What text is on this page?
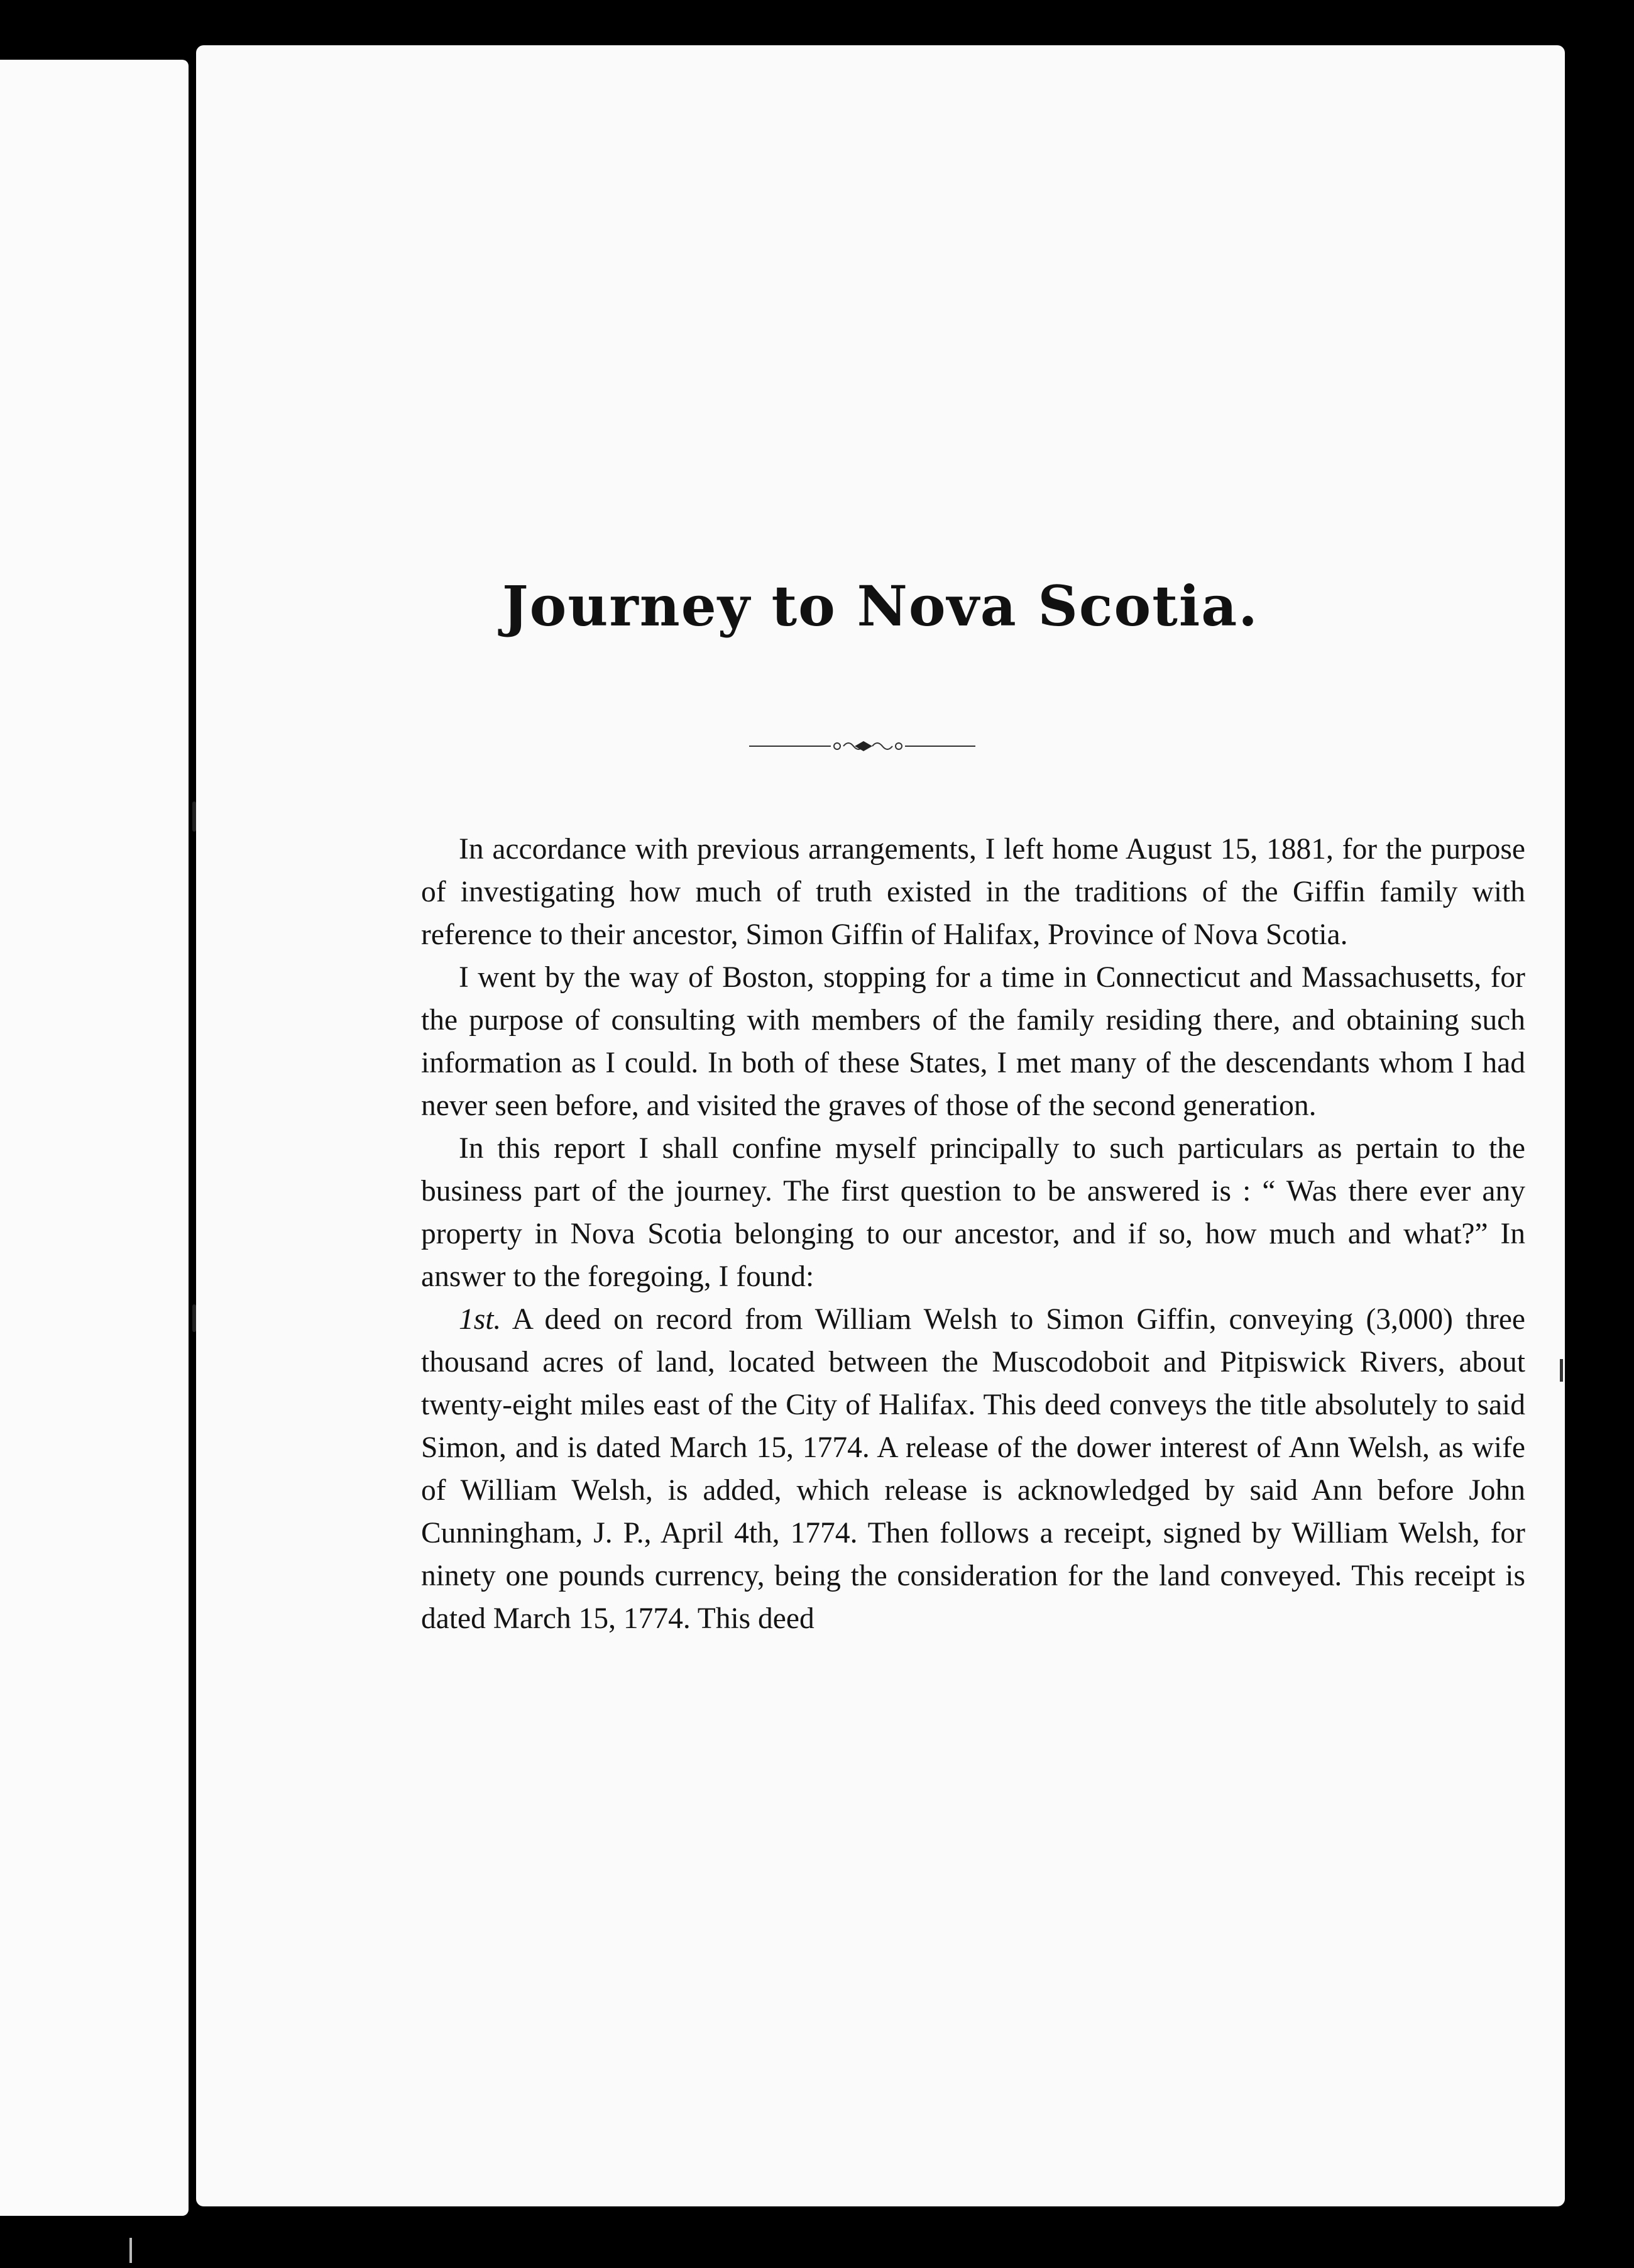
Journey to Nova Scotia.

In accordance with previous arrangements, I left home August 15, 1881, for the purpose of investigating how much of truth existed in the traditions of the Giffin family with reference to their ancestor, Simon Giffin of Halifax, Province of Nova Scotia.

I went by the way of Boston, stopping for a time in Connecticut and Massachusetts, for the purpose of consulting with members of the family residing there, and obtaining such information as I could. In both of these States, I met many of the descendants whom I had never seen before, and visited the graves of those of the second generation.

In this report I shall confine myself principally to such particulars as pertain to the business part of the journey. The first question to be answered is : “ Was there ever any property in Nova Scotia belonging to our ancestor, and if so, how much and what?” In answer to the foregoing, I found:

1st. A deed on record from William Welsh to Simon Giffin, conveying (3,000) three thousand acres of land, located between the Muscodoboit and Pitpiswick Rivers, about twenty-eight miles east of the City of Halifax. This deed conveys the title absolutely to said Simon, and is dated March 15, 1774. A release of the dower interest of Ann Welsh, as wife of William Welsh, is added, which release is acknowledged by said Ann before John Cunningham, J. P., April 4th, 1774. Then follows a receipt, signed by William Welsh, for ninety one pounds currency, being the consideration for the land conveyed. This receipt is dated March 15, 1774. This deed
